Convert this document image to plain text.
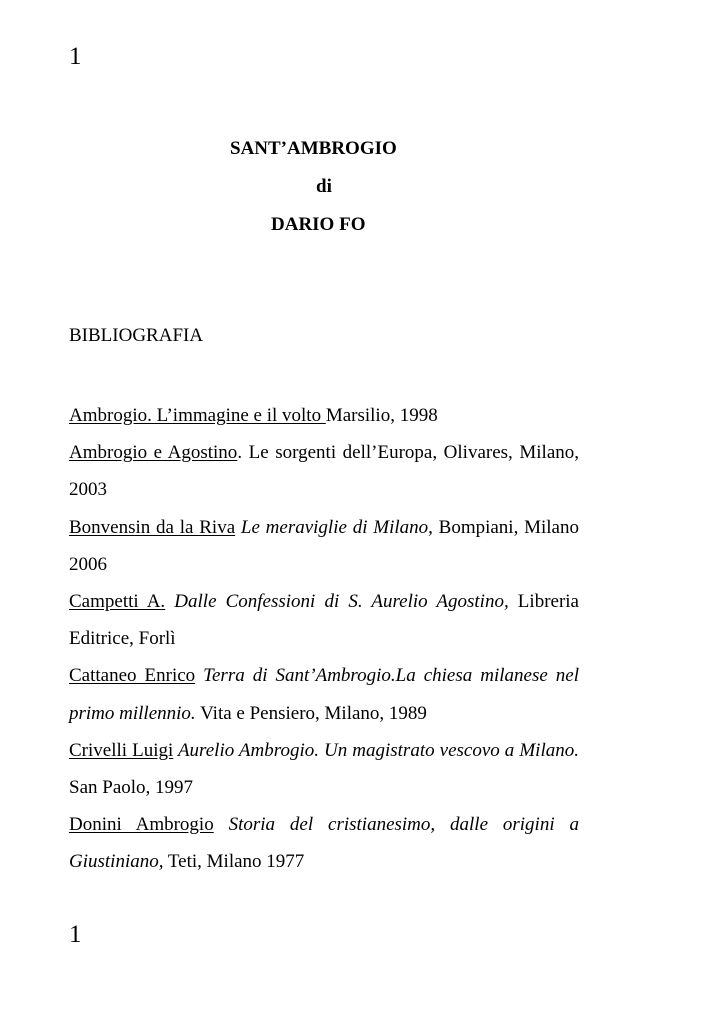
1
SANT’AMBROGIO
di
DARIO FO
BIBLIOGRAFIA
Ambrogio. L’immagine e il volto Marsilio, 1998
Ambrogio e Agostino. Le sorgenti dell’Europa, Olivares, Milano, 2003
Bonvensin da la Riva Le meraviglie di Milano, Bompiani, Milano 2006
Campetti A. Dalle Confessioni di S. Aurelio Agostino, Libreria Editrice, Forlì
Cattaneo Enrico Terra di Sant’Ambrogio.La chiesa milanese nel primo millennio. Vita e Pensiero, Milano, 1989
Crivelli Luigi Aurelio Ambrogio. Un magistrato vescovo a Milano. San Paolo, 1997
Donini Ambrogio Storia del cristianesimo, dalle origini a Giustiniano, Teti, Milano 1977
1
